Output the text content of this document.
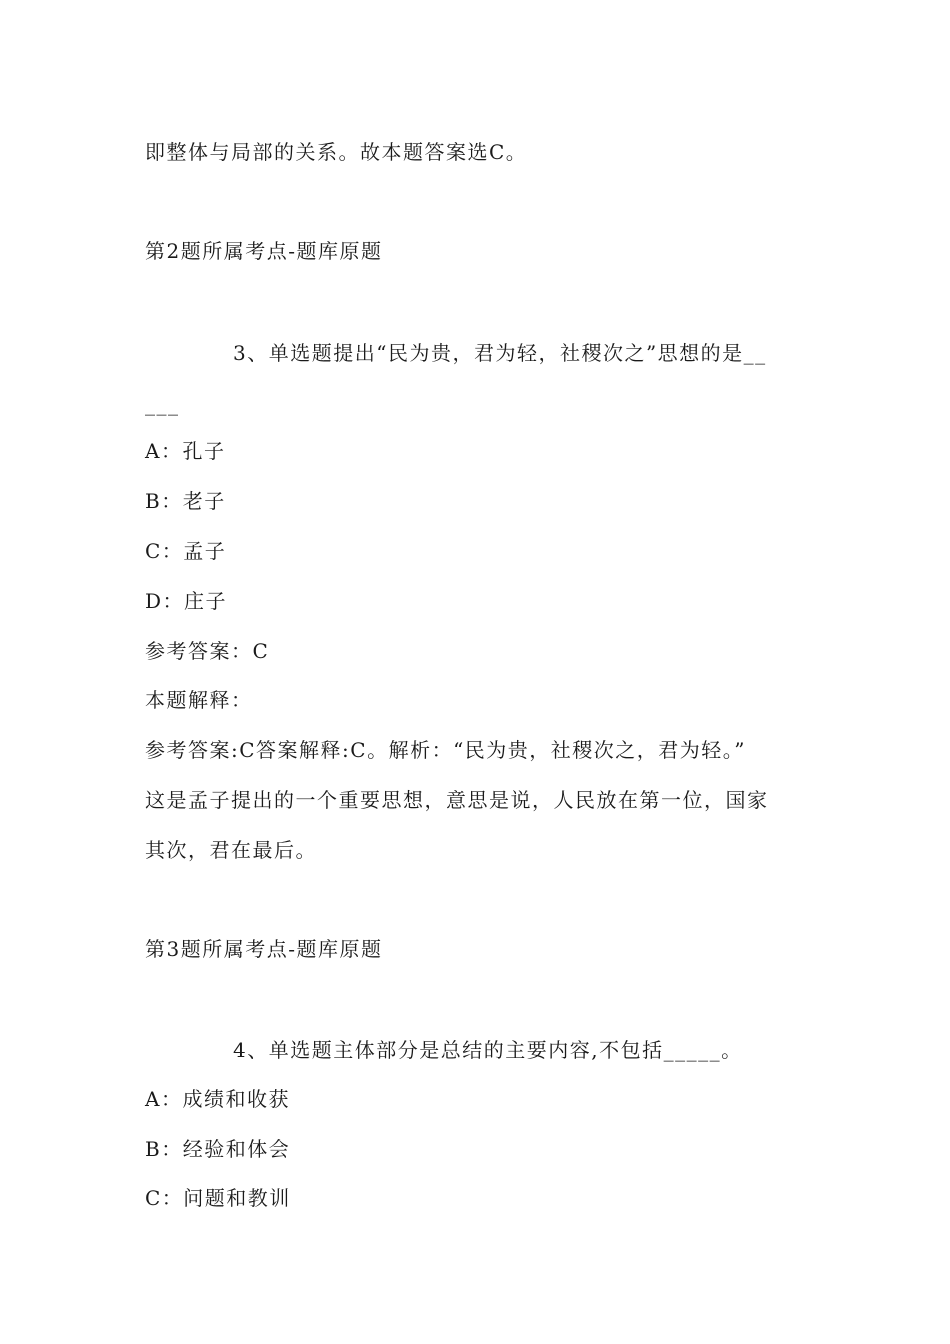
即整体与局部的关系。故本题答案选C。
第2题所属考点-题库原题
3、单选题提出“民为贵，君为轻，社稷次之”思想的是__
___
A：孔子
B：老子
C：孟子
D：庄子
参考答案：C
本题解释：
参考答案:C答案解释:C。解析：“民为贵，社稷次之，君为轻。”
这是孟子提出的一个重要思想，意思是说，人民放在第一位，国家
其次，君在最后。
第3题所属考点-题库原题
4、单选题主体部分是总结的主要内容,不包括_____。
A：成绩和收获
B：经验和体会
C：问题和教训
